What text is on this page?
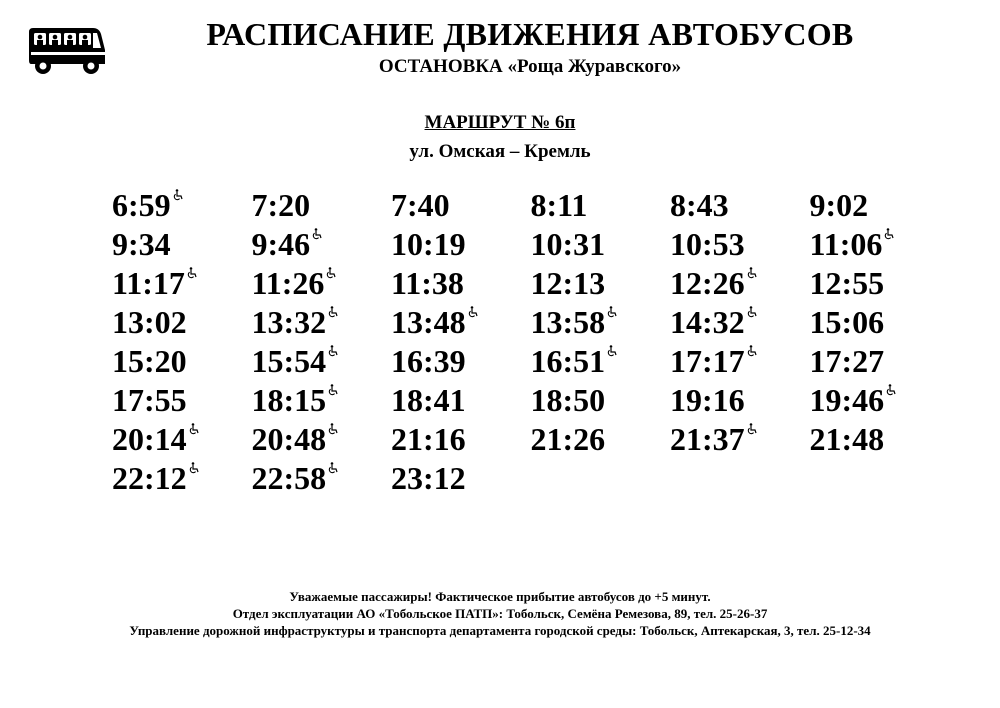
РАСПИСАНИЕ ДВИЖЕНИЯ АВТОБУСОВ
ОСТАНОВКА «Роща Журавского»
МАРШРУТ № 6п
ул. Омская – Кремль
6:59	7:20	7:40	8:11	8:43	9:02
9:34	9:46	10:19	10:31	10:53	11:06
11:17	11:26	11:38	12:13	12:26	12:55
13:02	13:32	13:48	13:58	14:32	15:06
15:20	15:54	16:39	16:51	17:17	17:27
17:55	18:15	18:41	18:50	19:16	19:46
20:14	20:48	21:16	21:26	21:37	21:48
22:12	22:58	23:12
Уважаемые пассажиры! Фактическое прибытие автобусов до +5 минут.
Отдел эксплуатации АО «Тобольское ПАТП»: Тобольск, Семёна Ремезова, 89, тел. 25-26-37
Управление дорожной инфраструктуры и транспорта департамента городской среды: Тобольск, Аптекарская, 3, тел. 25-12-34
